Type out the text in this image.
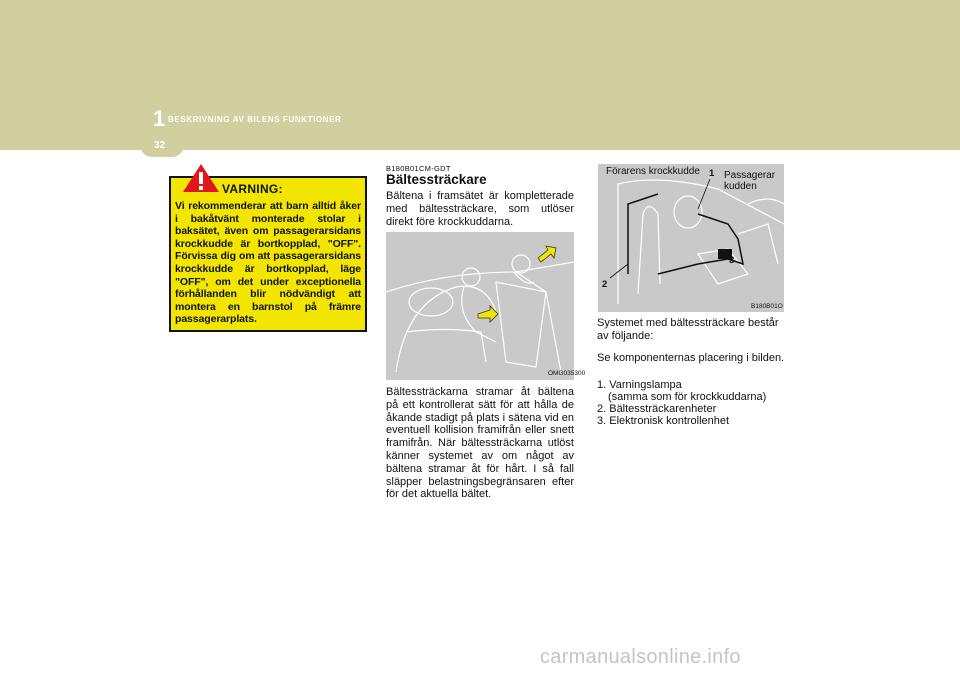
1 BESKRIVNING AV BILENS FUNKTIONER
32

Vi rekommenderar att barn alltid åker i bakåtvänt monterade stolar i baksätet, även om passagerarsidans krockkudde är bortkopplad, "OFF". Förvissa dig om att passagerarsidans krockkudde är bortkopplad, läge "OFF", om det under exceptionella förhållanden blir nödvändigt att montera en barnstol på främre passagerarplats.

VARNING:
B180B01CM-GDT
Bältessträckare

Bältena i framsätet är kompletterade med bältessträckare, som utlöser direkt före krockkuddarna.

OMG035300

Bältessträckarna stramar åt bältena på ett kontrollerat sätt för att hålla de åkande stadigt på plats i sätena vid en eventuell kollision framifrån eller snett framifrån. När bältessträckarna utlöst känner systemet av om något av bältena stramar åt för hårt. I så fall släpper belastningsbegränsaren efter för det aktuella bältet.

Förarens krockkudde 1 Passagerar
kudden
3
2
B180B01O

Systemet med bältessträckare består av följande:

Se komponenternas placering i bilden.

1. Varningslampa
(samma som för krockkuddarna)
2. Bältessträckarenheter
3. Elektronisk kontrollenhet
carmanualsonline.info
